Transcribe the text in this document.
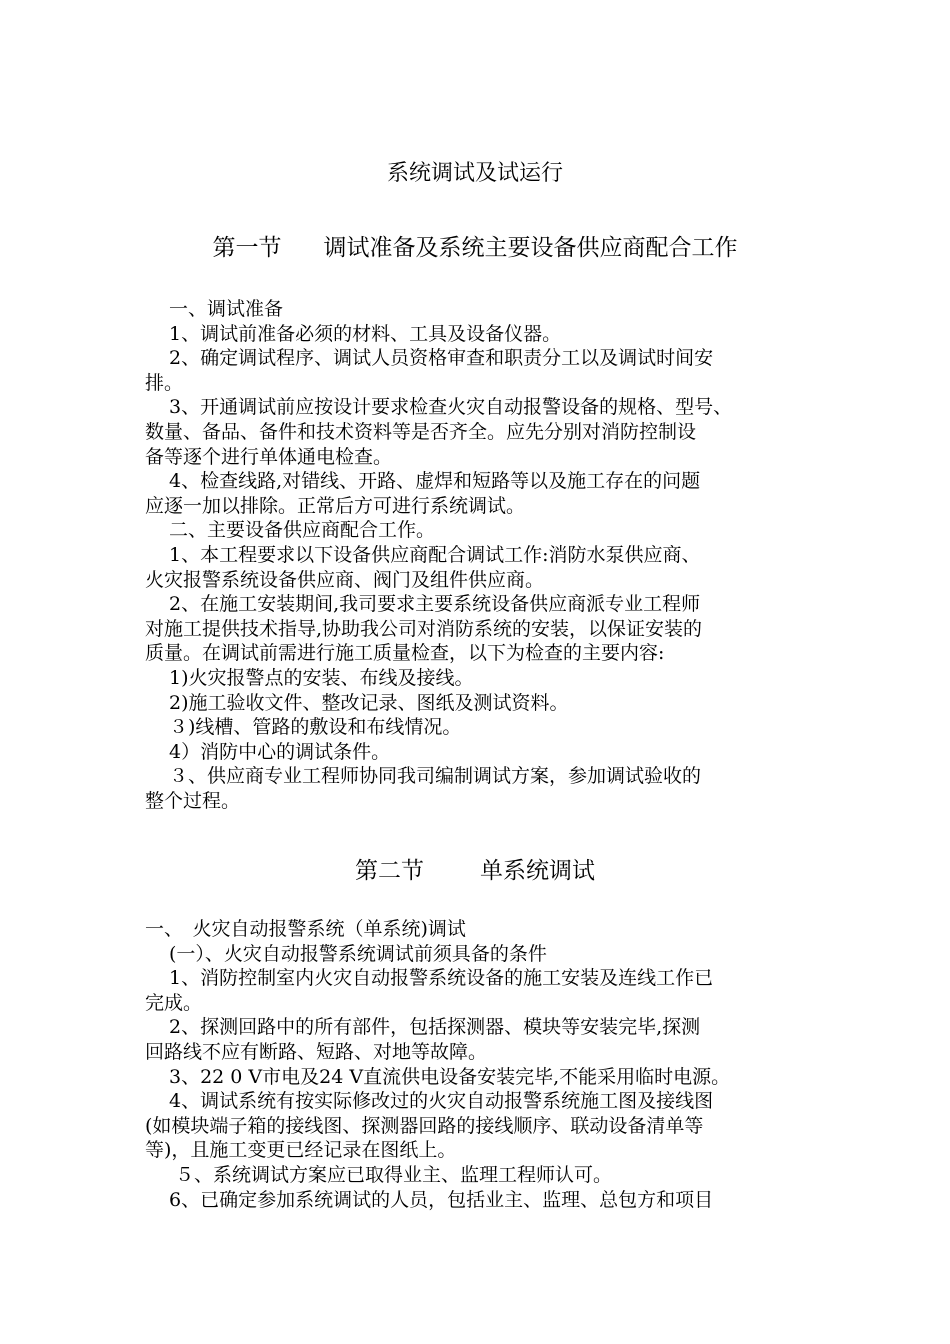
系统调试及试运行
第一节 调试准备及系统主要设备供应商配合工作

一、调试准备

1、调试前准备必须的材料、工具及设备仪器。

2、确定调试程序、调试人员资格审查和职责分工以及调试时间安

排。

3、开通调试前应按设计要求检查火灾自动报警设备的规格、型号、

数量、备品、备件和技术资料等是否齐全。应先分别对消防控制设

备等逐个进行单体通电检查。

4、检查线路,对错线、开路、虚焊和短路等以及施工存在的问题

应逐一加以排除。正常后方可进行系统调试。

二、主要设备供应商配合工作。

1、本工程要求以下设备供应商配合调试工作:消防水泵供应商、

火灾报警系统设备供应商、阀门及组件供应商。

2、在施工安装期间,我司要求主要系统设备供应商派专业工程师

对施工提供技术指导,协助我公司对消防系统的安装，以保证安装的

质量。在调试前需进行施工质量检查，以下为检查的主要内容:

1)火灾报警点的安装、布线及接线。

2)施工验收文件、整改记录、图纸及测试资料。

３)线槽、管路的敷设和布线情况。

4）消防中心的调试条件。

３、供应商专业工程师协同我司编制调试方案，参加调试验收的

整个过程。

第二节 单系统调试

一、　火灾自动报警系统（单系统)调试

(一）、火灾自动报警系统调试前须具备的条件

1、消防控制室内火灾自动报警系统设备的施工安装及连线工作已

完成。

2、探测回路中的所有部件，包括探测器、模块等安装完毕,探测

回路线不应有断路、短路、对地等故障。

3、22 0 V市电及24 V直流供电设备安装完毕,不能采用临时电源。

4、调试系统有按实际修改过的火灾自动报警系统施工图及接线图

(如模块端子箱的接线图、探测器回路的接线顺序、联动设备清单等

等)，且施工变更已经记录在图纸上。

５、系统调试方案应已取得业主、监理工程师认可。

6、已确定参加系统调试的人员，包括业主、监理、总包方和项目
